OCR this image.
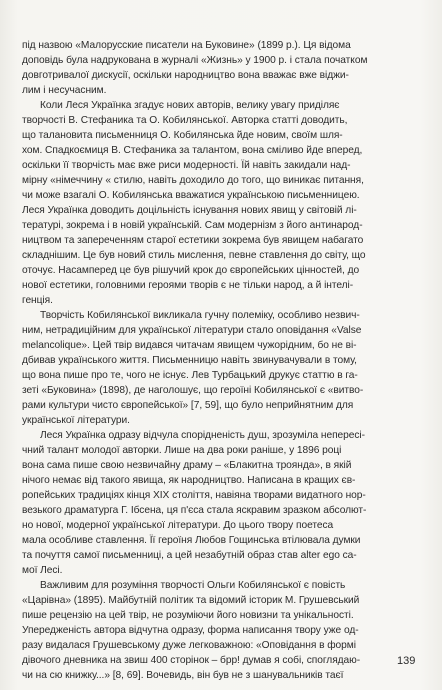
під назвою «Малорусские писатели на Буковине» (1899 р.). Ця відома
доповідь була надрукована в журналі «Жизнь» у 1900 р. і стала початком
довготривалої дискусії, оскільки народництво вона вважає вже віджи-
лим і несучасним.
Коли Леся Українка згадує нових авторів, велику увагу приділяє
творчості В. Стефаника та О. Кобилянської. Авторка статті доводить,
що талановита письменниця О. Кобилянська йде новим, своїм шля-
хом. Спадкоємиця В. Стефаника за талантом, вона сміливо йде вперед,
оскільки її творчість має вже риси модерності. Їй навіть закидали над-
мірну «німеччину « стилю, навіть доходило до того, що виникає питання,
чи може взагалі О. Кобилянська вважатися українською письменницею.
Леся Українка доводить доцільність існування нових явищ у світовій лі-
тературі, зокрема і в новій українській. Сам модернізм з його антинарод-
ництвом та запереченням старої естетики зокрема був явищем набагато
складнішим. Це був новий стиль мислення, певне ставлення до світу, що
оточує. Насамперед це був рішучий крок до європейських цінностей, до
нової естетики, головними героями творів є не тільки народ, а й інтелі-
генція.
Творчість Кобилянської викликала гучну полеміку, особливо незвич-
ним, нетрадиційним для української літератури стало оповідання «Valse
melancolique». Цей твір видався читачам явищем чужорідним, бо не ві-
дбивав українського життя. Письменницю навіть звинувачували в тому,
що вона пише про те, чого не існує. Лев Турбацький друкує статтю в га-
зеті «Буковина» (1898), де наголошує, що героїні Кобилянської є «витво-
рами культури чисто європейської» [7, 59], що було неприйнятним для
української літератури.
Леся Українка одразу відчула споріднeність душ, зрозуміла непересі-
чний талант молодої авторки. Лише на два роки раніше, у 1896 році
вона сама пише свою незвичайну драму – «Блакитна троянда», в якій
нічого немає від такого явища, як народництво. Написана в кращих єв-
ропейських традиціях кінця XIX століття, навіяна творами видатного нор-
везького драматурга Г. Ібсена, ця п'єса стала яскравим зразком абсолют-
но нової, модерної української літератури. До цього твору поетеса
мала особливе ставлення. Її героїня Любов Гощинська втілювала думки
та почуття самої письменниці, а цей незабутній образ став alter ego са-
мої Лесі.
Важливим для розуміння творчості Ольги Кобилянської є повість
«Царівна» (1895). Майбутній політик та відомий історик М. Грушевський
пише рецензію на цей твір, не розуміючи його новизни та унікальності.
Упередженість автора відчутна одразу, форма написання твору уже од-
разу видалася Грушевському дуже легковажною: «Оповідання в формі
дівочого дневника на звиш 400 сторінок – брр! думав я собі, споглядаю-
чи на сю книжку...» [8, 69]. Вочевидь, він був не з шанувальників таєї
139
